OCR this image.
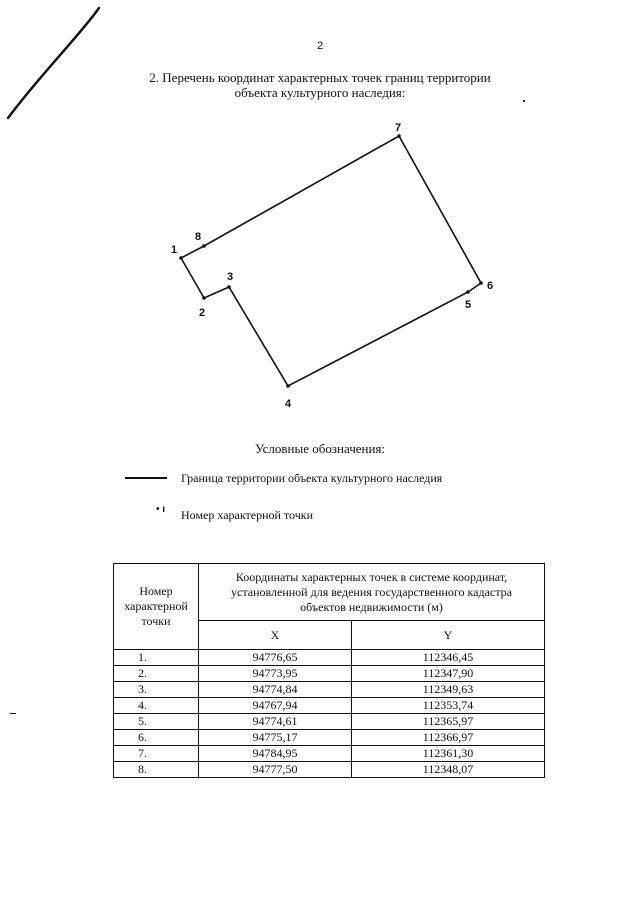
2
2. Перечень координат характерных точек границ территории
объекта культурного наследия:
1
2
3
4
5
6
7
8
Условные обозначения:
Граница территории объекта культурного наследия
• ı Номер характерной точки
Номер характерной точки	Координаты характерных точек в системе координат, установленной для ведения государственного кадастра объектов недвижимости (м)	
	X	Y
1.	94776,65	112346,45
2.	94773,95	112347,90
3.	94774,84	112349,63
4.	94767,94	112353,74
5.	94774,61	112365,97
6.	94775,17	112366,97
7.	94784,95	112361,30
8.	94777,50	112348,07
